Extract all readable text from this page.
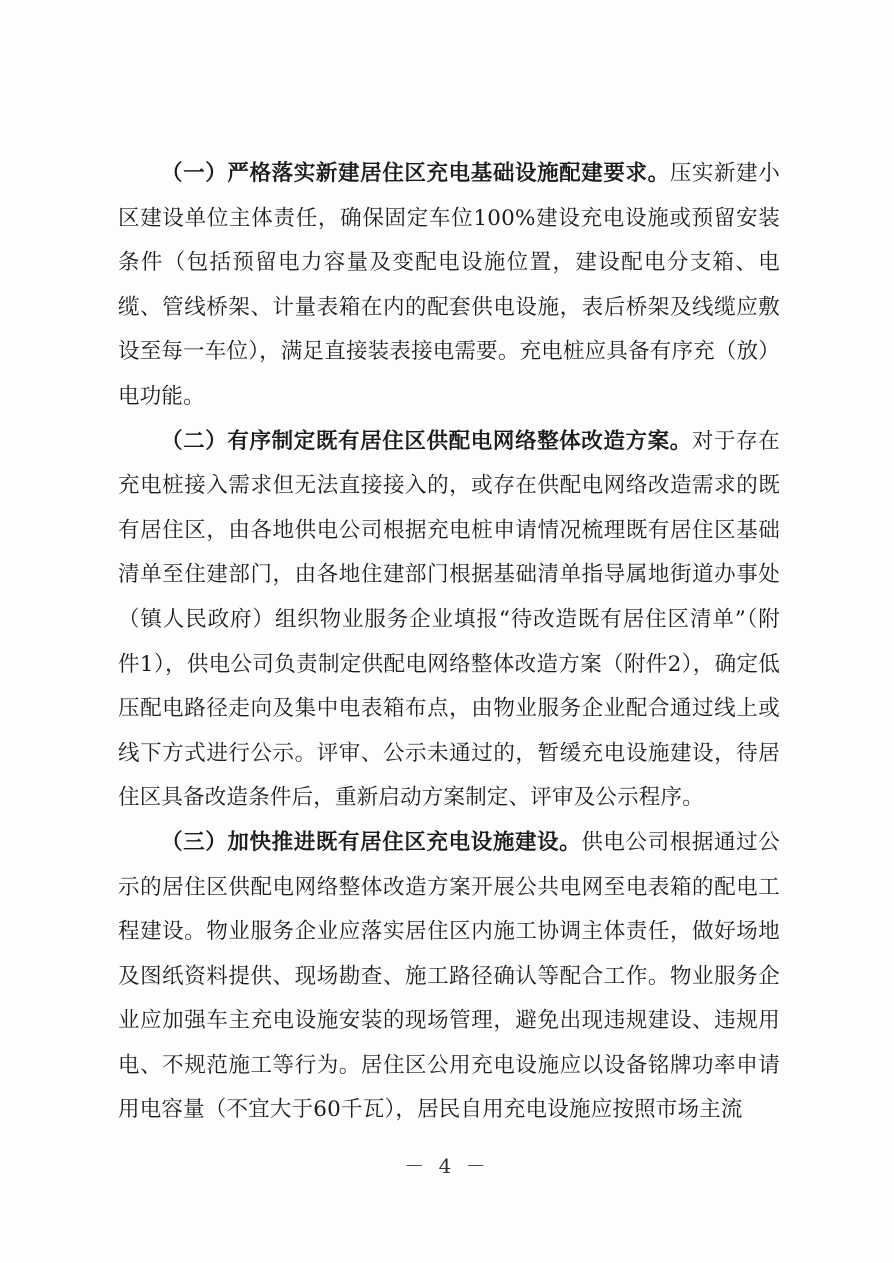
（一）严格落实新建居住区充电基础设施配建要求。压实新建小区建设单位主体责任，确保固定车位100%建设充电设施或预留安装条件（包括预留电力容量及变配电设施位置，建设配电分支箱、电缆、管线桥架、计量表箱在内的配套供电设施，表后桥架及线缆应敷设至每一车位），满足直接装表接电需要。充电桩应具备有序充（放）电功能。

（二）有序制定既有居住区供配电网络整体改造方案。对于存在充电桩接入需求但无法直接接入的，或存在供配电网络改造需求的既有居住区，由各地供电公司根据充电桩申请情况梳理既有居住区基础清单至住建部门，由各地住建部门根据基础清单指导属地街道办事处（镇人民政府）组织物业服务企业填报“待改造既有居住区清单”（附件1），供电公司负责制定供配电网络整体改造方案（附件2），确定低压配电路径走向及集中电表箱布点，由物业服务企业配合通过线上或线下方式进行公示。评审、公示未通过的，暂缓充电设施建设，待居住区具备改造条件后，重新启动方案制定、评审及公示程序。

（三）加快推进既有居住区充电设施建设。供电公司根据通过公示的居住区供配电网络整体改造方案开展公共电网至电表箱的配电工程建设。物业服务企业应落实居住区内施工协调主体责任，做好场地及图纸资料提供、现场勘查、施工路径确认等配合工作。物业服务企业应加强车主充电设施安装的现场管理，避免出现违规建设、违规用电、不规范施工等行为。居住区公用充电设施应以设备铭牌功率申请用电容量（不宜大于60千瓦），居民自用充电设施应按照市场主流

－ 4 －
